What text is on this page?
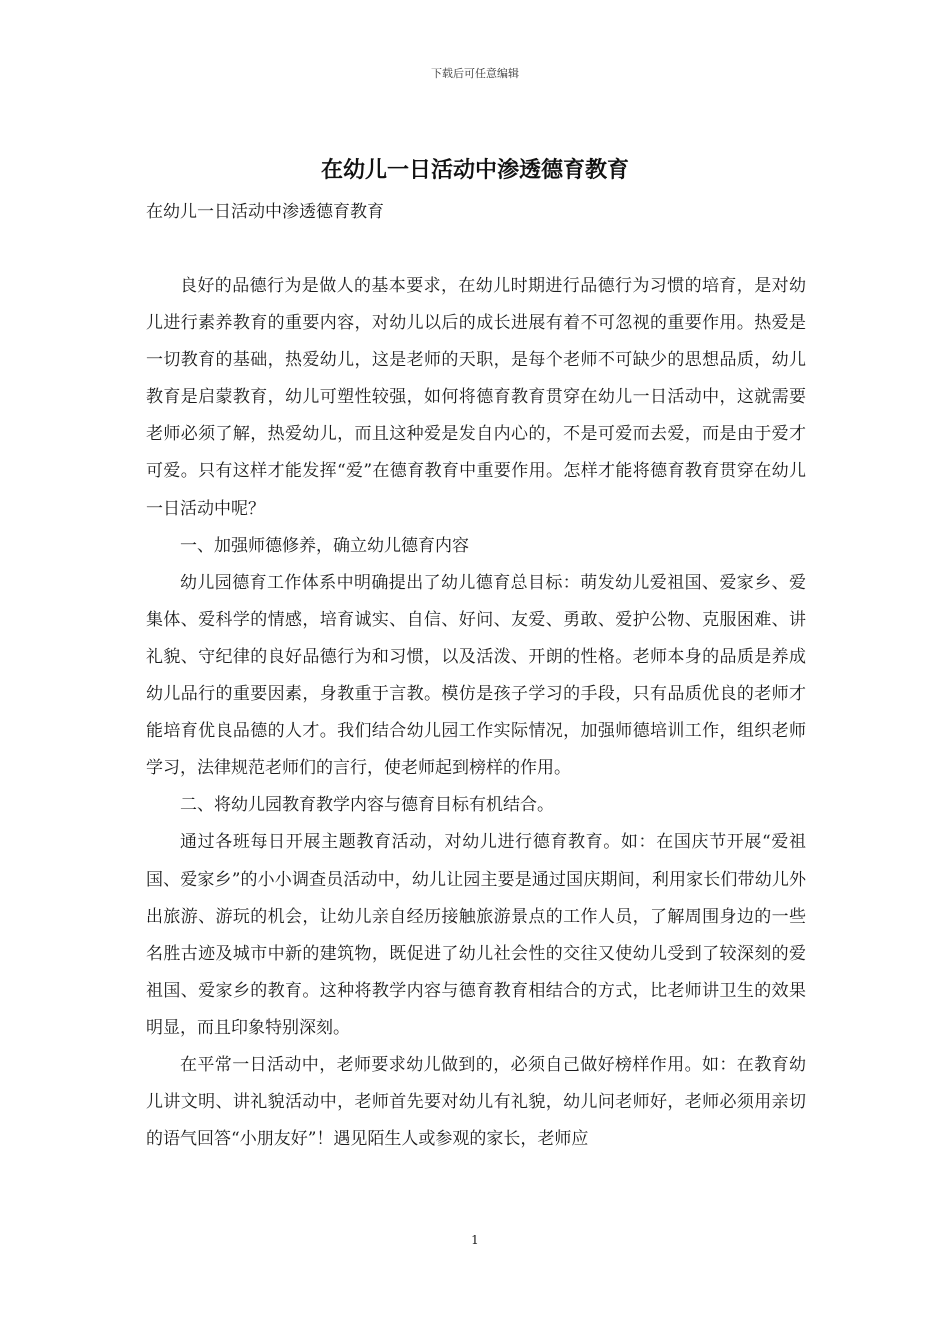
下载后可任意编辑
在幼儿一日活动中渗透德育教育
在幼儿一日活动中渗透德育教育

良好的品德行为是做人的基本要求，在幼儿时期进行品德行为习惯的培育，是对幼儿进行素养教育的重要内容，对幼儿以后的成长进展有着不可忽视的重要作用。热爱是一切教育的基础，热爱幼儿，这是老师的天职，是每个老师不可缺少的思想品质，幼儿教育是启蒙教育，幼儿可塑性较强，如何将德育教育贯穿在幼儿一日活动中，这就需要老师必须了解，热爱幼儿，而且这种爱是发自内心的，不是可爱而去爱，而是由于爱才可爱。只有这样才能发挥“爱”在德育教育中重要作用。怎样才能将德育教育贯穿在幼儿一日活动中呢？

一、加强师德修养，确立幼儿德育内容

幼儿园德育工作体系中明确提出了幼儿德育总目标：萌发幼儿爱祖国、爱家乡、爱集体、爱科学的情感，培育诚实、自信、好问、友爱、勇敢、爱护公物、克服困难、讲礼貌、守纪律的良好品德行为和习惯，以及活泼、开朗的性格。老师本身的品质是养成幼儿品行的重要因素，身教重于言教。模仿是孩子学习的手段，只有品质优良的老师才能培育优良品德的人才。我们结合幼儿园工作实际情况，加强师德培训工作，组织老师学习，法律规范老师们的言行，使老师起到榜样的作用。

二、将幼儿园教育教学内容与德育目标有机结合。

通过各班每日开展主题教育活动，对幼儿进行德育教育。如：在国庆节开展“爱祖国、爱家乡”的小小调查员活动中，幼儿让园主要是通过国庆期间，利用家长们带幼儿外出旅游、游玩的机会，让幼儿亲自经历接触旅游景点的工作人员，了解周围身边的一些名胜古迹及城市中新的建筑物，既促进了幼儿社会性的交往又使幼儿受到了较深刻的爱祖国、爱家乡的教育。这种将教学内容与德育教育相结合的方式，比老师讲卫生的效果明显，而且印象特别深刻。

在平常一日活动中，老师要求幼儿做到的，必须自己做好榜样作用。如：在教育幼儿讲文明、讲礼貌活动中，老师首先要对幼儿有礼貌，幼儿问老师好，老师必须用亲切的语气回答“小朋友好”！遇见陌生人或参观的家长，老师应

1
